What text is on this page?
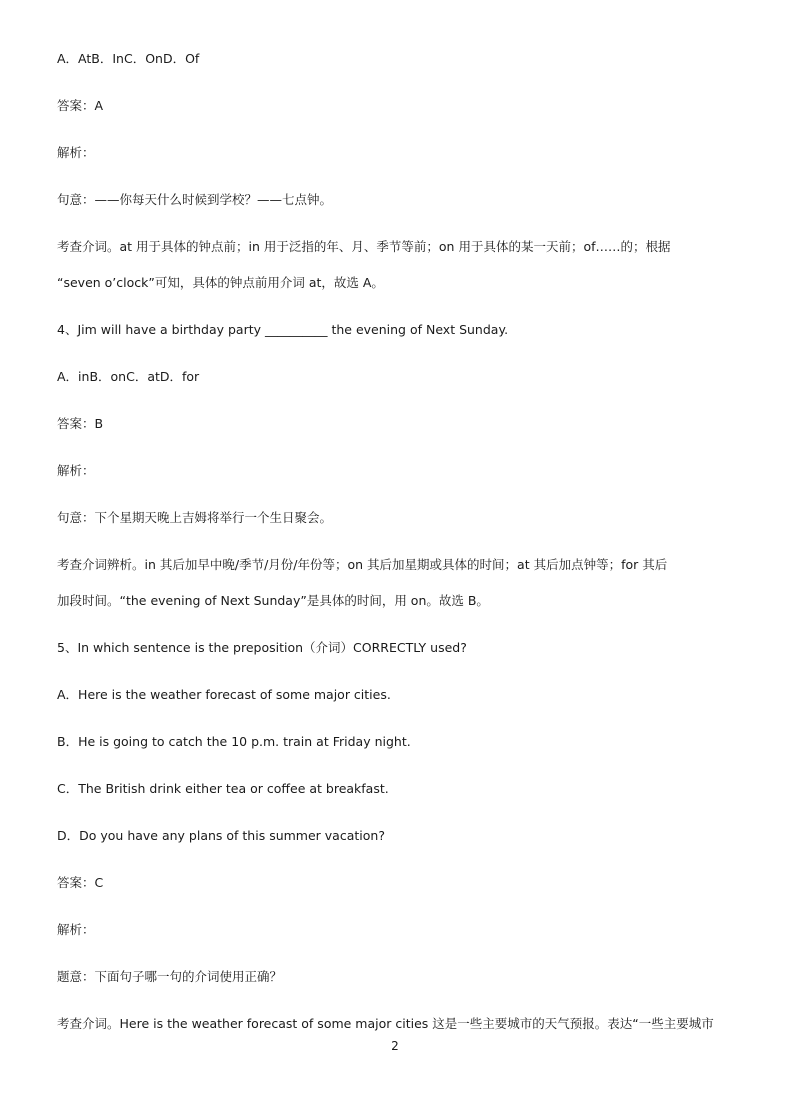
A．AtB．InC．OnD．Of
答案：A
解析：
句意：——你每天什么时候到学校？——七点钟。
考查介词。at 用于具体的钟点前；in 用于泛指的年、月、季节等前；on 用于具体的某一天前；of……的；根据
“seven o’clock”可知，具体的钟点前用介词 at，故选 A。
4、Jim will have a birthday party __________ the evening of Next Sunday.
A．inB．onC．atD．for
答案：B
解析：
句意：下个星期天晚上吉姆将举行一个生日聚会。
考查介词辨析。in 其后加早中晚/季节/月份/年份等；on 其后加星期或具体的时间；at 其后加点钟等；for 其后
加段时间。“the evening of Next Sunday”是具体的时间，用 on。故选 B。
5、In which sentence is the preposition（介词）CORRECTLY used?
A．Here is the weather forecast of some major cities.
B．He is going to catch the 10 p.m. train at Friday night.
C．The British drink either tea or coffee at breakfast.
D．Do you have any plans of this summer vacation?
答案：C
解析：
题意：下面句子哪一句的介词使用正确？
考查介词。Here is the weather forecast of some major cities 这是一些主要城市的天气预报。表达“一些主要城市
2
